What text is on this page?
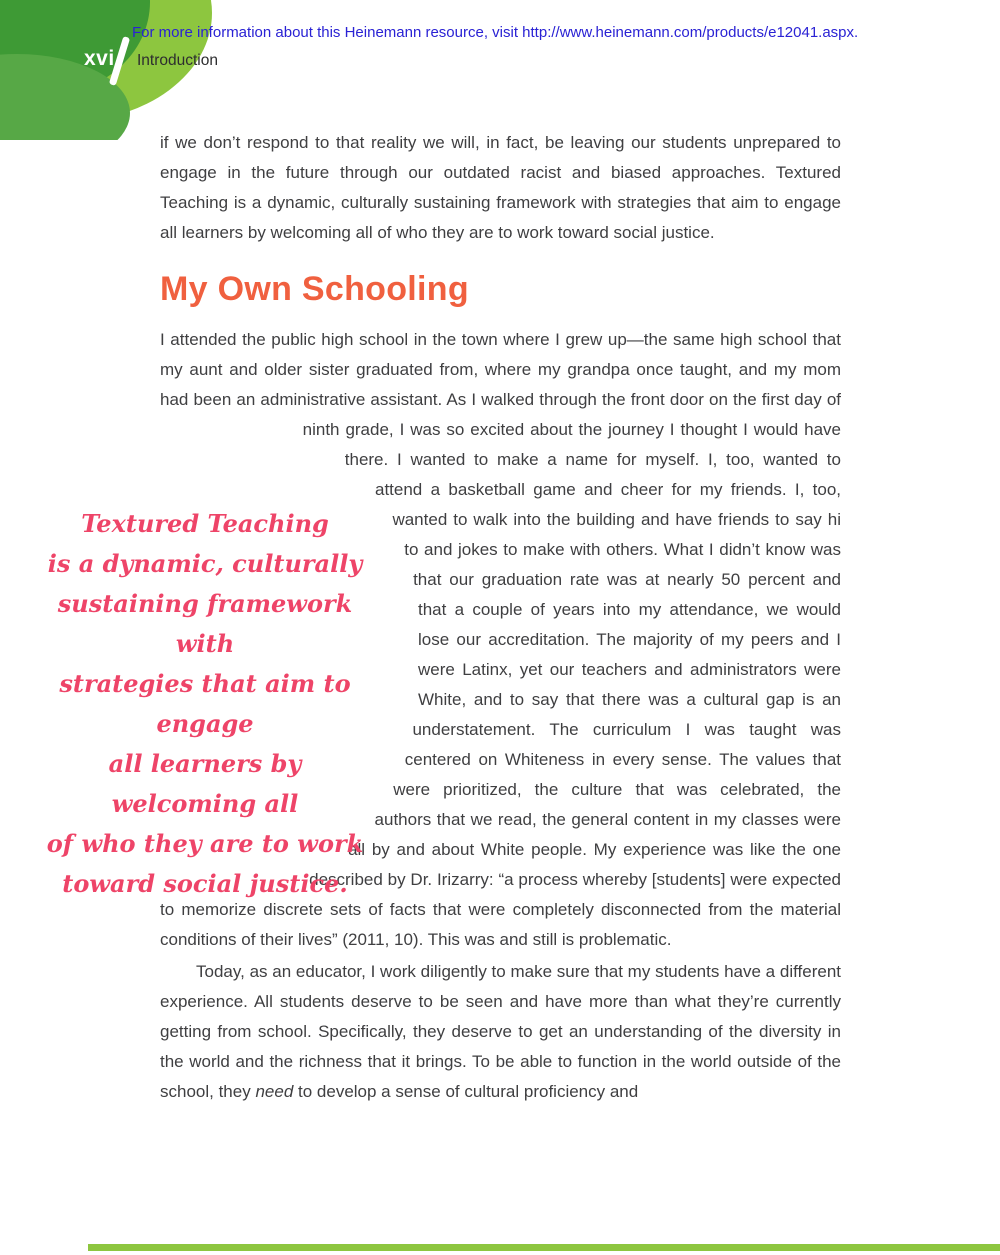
For more information about this Heinemann resource, visit http://www.heinemann.com/products/e12041.aspx.
xvi Introduction

if we don’t respond to that reality we will, in fact, be leaving our students unprepared to engage in the future through our outdated racist and biased approaches. Textured Teaching is a dynamic, culturally sustaining framework with strategies that aim to engage all learners by welcoming all of who they are to work toward social justice.

My Own Schooling

I attended the public high school in the town where I grew up—the same high school that my aunt and older sister graduated from, where my grandpa once taught, and my mom had been an administrative assistant. As I walked through the front door on the first day of ninth grade, I was so excited about the journey I thought I would have there. I wanted to make a name for myself. I, too, wanted to attend a basketball game and cheer for my friends. I, too, wanted to walk into the building and have friends to say hi to and jokes to make with others. What I didn’t know was that our graduation rate was at nearly 50 percent and that a couple of years into my attendance, we would lose our accreditation. The majority of my peers and I were Latinx, yet our teachers and administrators were White, and to say that there was a cultural gap is an understatement. The curriculum I was taught was centered on Whiteness in every sense. The values that were prioritized, the culture that was celebrated, the authors that we read, the general content in my classes were all by and about White people. My experience was like the one described by Dr. Irizarry: “a process whereby [students] were expected to memorize discrete sets of facts that were completely disconnected from the material conditions of their lives” (2011, 10). This was and still is problematic.

Today, as an educator, I work diligently to make sure that my students have a different experience. All students deserve to be seen and have more than what they’re currently getting from school. Specifically, they deserve to get an understanding of the diversity in the world and the richness that it brings. To be able to function in the world outside of the school, they need to develop a sense of cultural proficiency and

Textured Teaching
is a dynamic, culturally
sustaining framework with
strategies that aim to engage
all learners by welcoming all
of who they are to work
toward social justice.
